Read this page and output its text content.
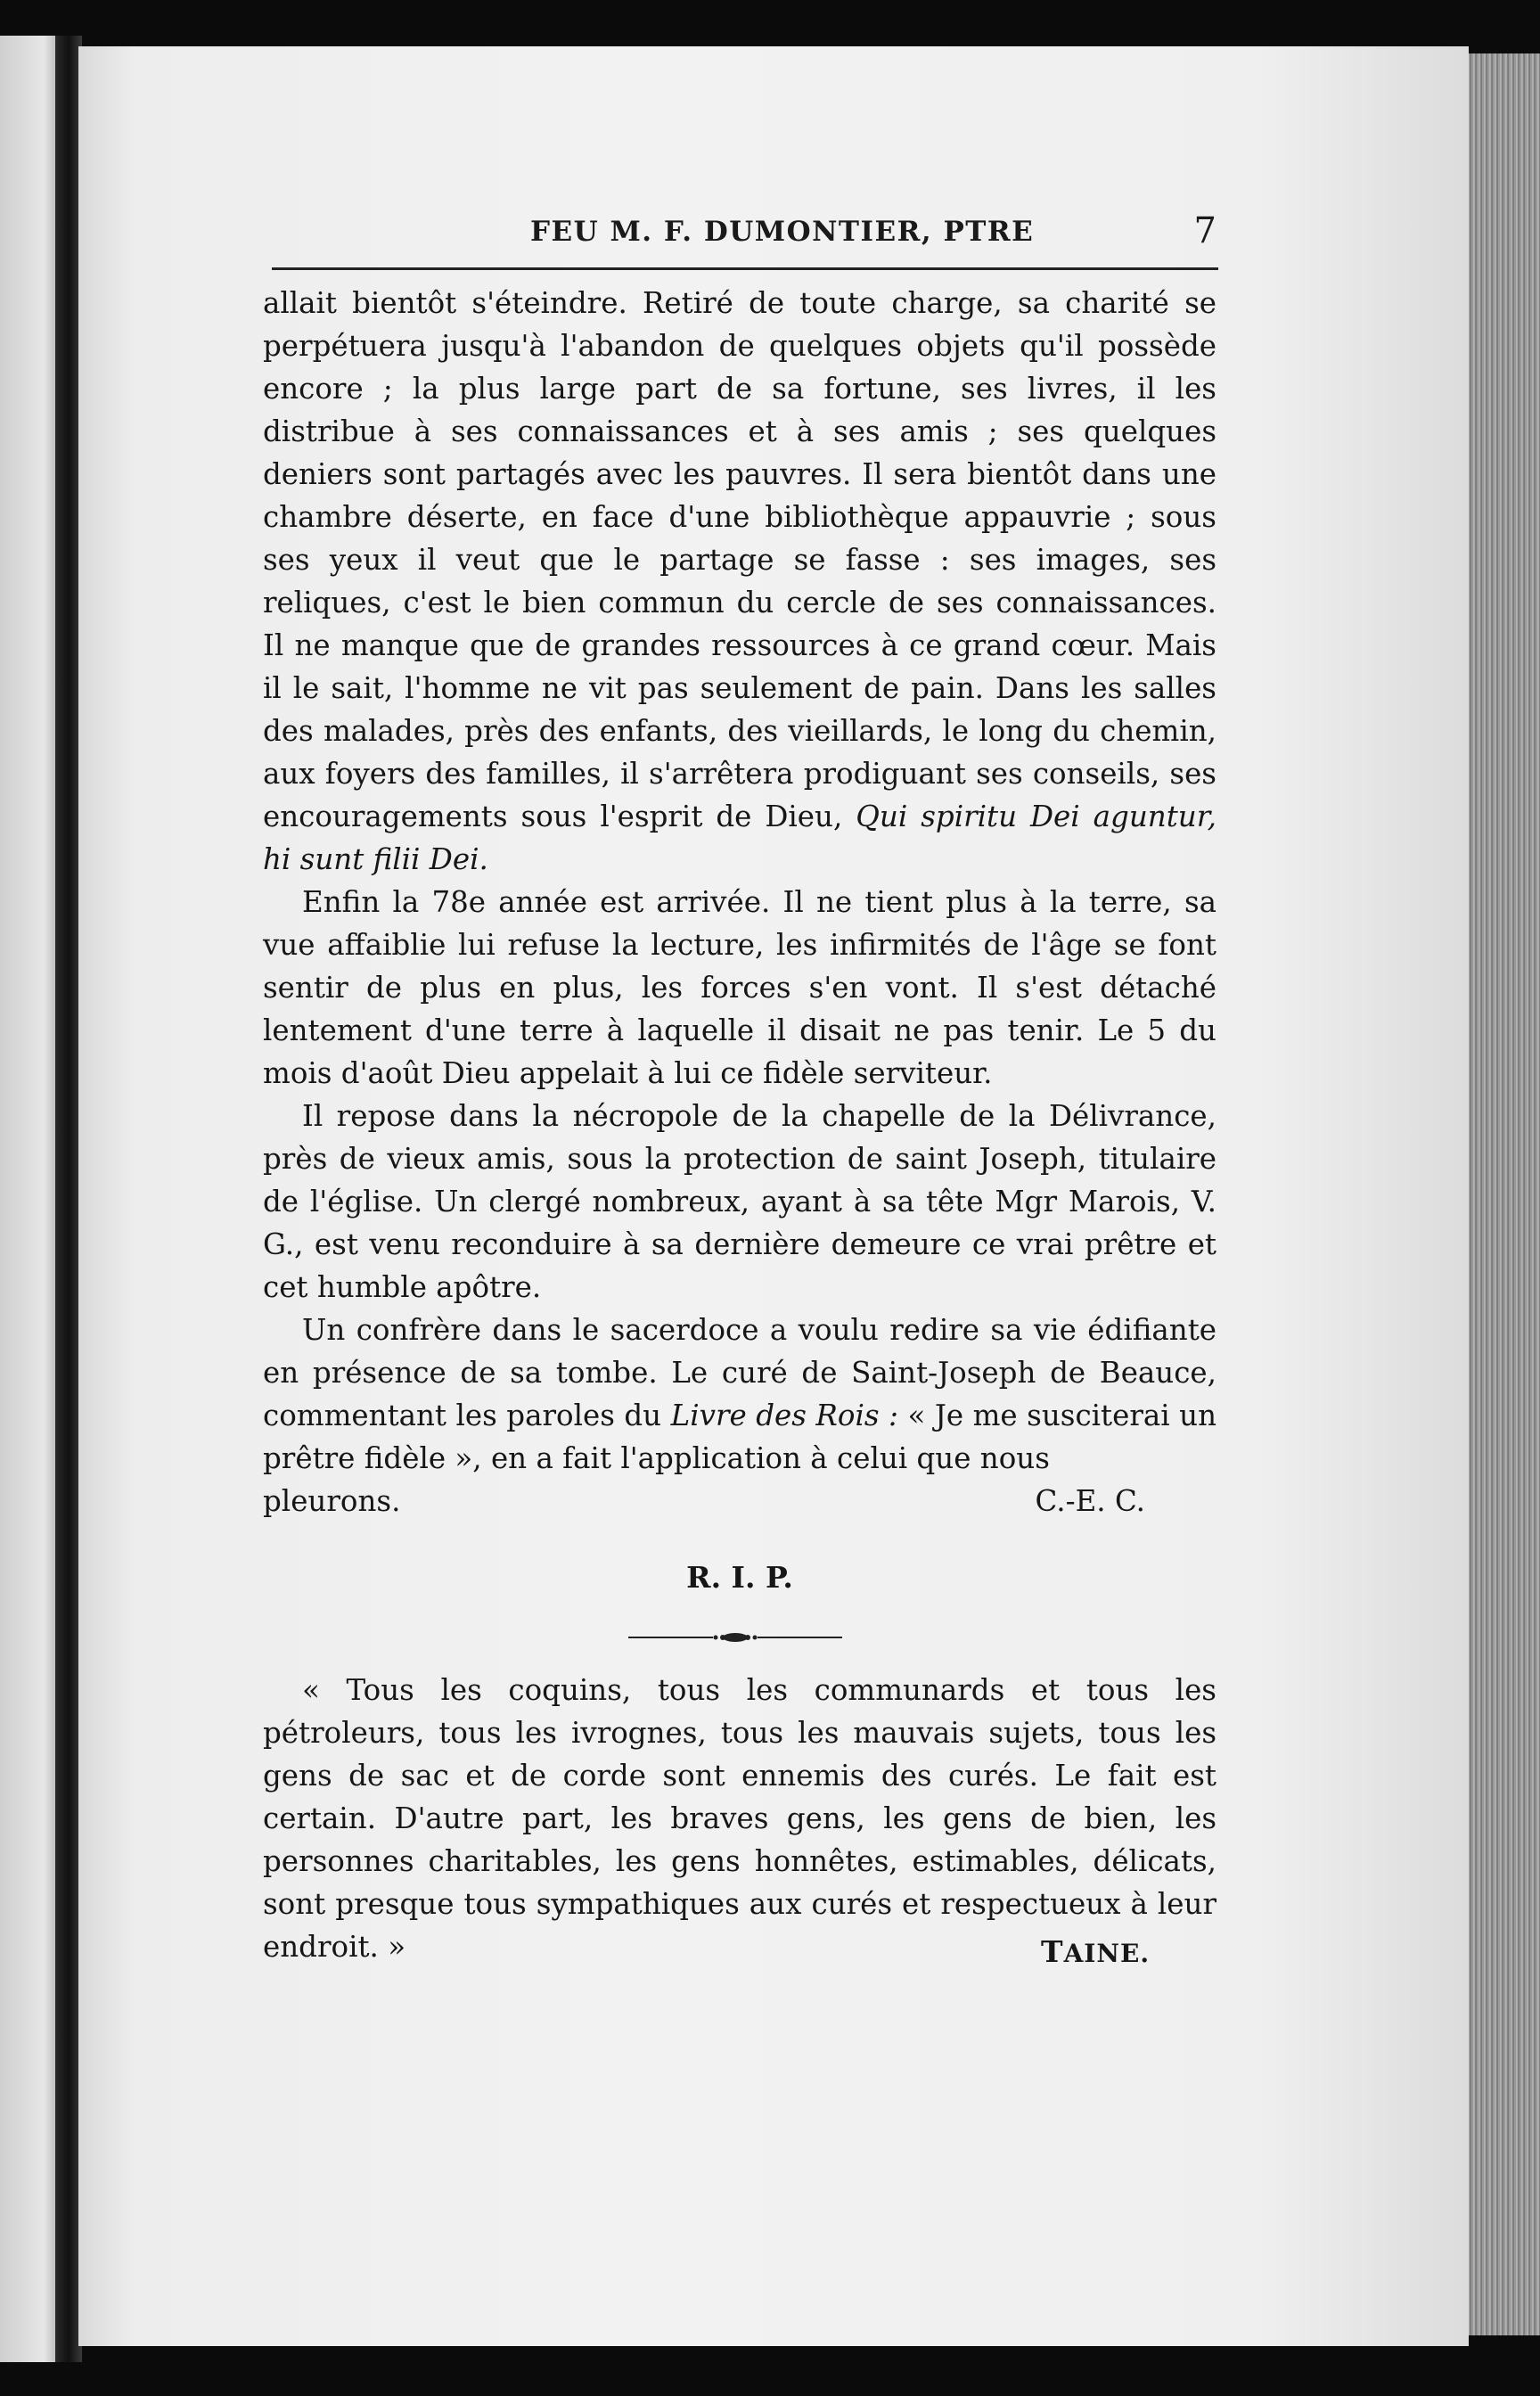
FEU M. F. DUMONTIER, PTRE	7

allait bientôt s'éteindre. Retiré de toute charge, sa charité se perpétuera jusqu'à l'abandon de quelques objets qu'il possède encore ; la plus large part de sa fortune, ses livres, il les distribue à ses connaissances et à ses amis ; ses quelques deniers sont partagés avec les pauvres. Il sera bientôt dans une chambre déserte, en face d'une bibliothèque appauvrie ; sous ses yeux il veut que le partage se fasse : ses images, ses reliques, c'est le bien commun du cercle de ses connaissances. Il ne manque que de grandes ressources à ce grand cœur. Mais il le sait, l'homme ne vit pas seulement de pain. Dans les salles des malades, près des enfants, des vieillards, le long du chemin, aux foyers des familles, il s'arrêtera prodiguant ses conseils, ses encouragements sous l'esprit de Dieu, Qui spiritu Dei aguntur, hi sunt filii Dei.

Enfin la 78e année est arrivée. Il ne tient plus à la terre, sa vue affaiblie lui refuse la lecture, les infirmités de l'âge se font sentir de plus en plus, les forces s'en vont. Il s'est détaché lentement d'une terre à laquelle il disait ne pas tenir. Le 5 du mois d'août Dieu appelait à lui ce fidèle serviteur.

Il repose dans la nécropole de la chapelle de la Délivrance, près de vieux amis, sous la protection de saint Joseph, titulaire de l'église. Un clergé nombreux, ayant à sa tête Mgr Marois, V. G., est venu reconduire à sa dernière demeure ce vrai prêtre et cet humble apôtre.

Un confrère dans le sacerdoce a voulu redire sa vie édifiante en présence de sa tombe. Le curé de Saint-Joseph de Beauce, commentant les paroles du Livre des Rois : « Je me susciterai un prêtre fidèle », en a fait l'application à celui que nous

pleurons.	C.-E. C.
R. I. P.

« Tous les coquins, tous les communards et tous les pétroleurs, tous les ivrognes, tous les mauvais sujets, tous les gens de sac et de corde sont ennemis des curés. Le fait est certain. D'autre part, les braves gens, les gens de bien, les personnes charitables, les gens honnêtes, estimables, délicats, sont presque tous sympathiques aux curés et respectueux à leur endroit. »	TAINE.
